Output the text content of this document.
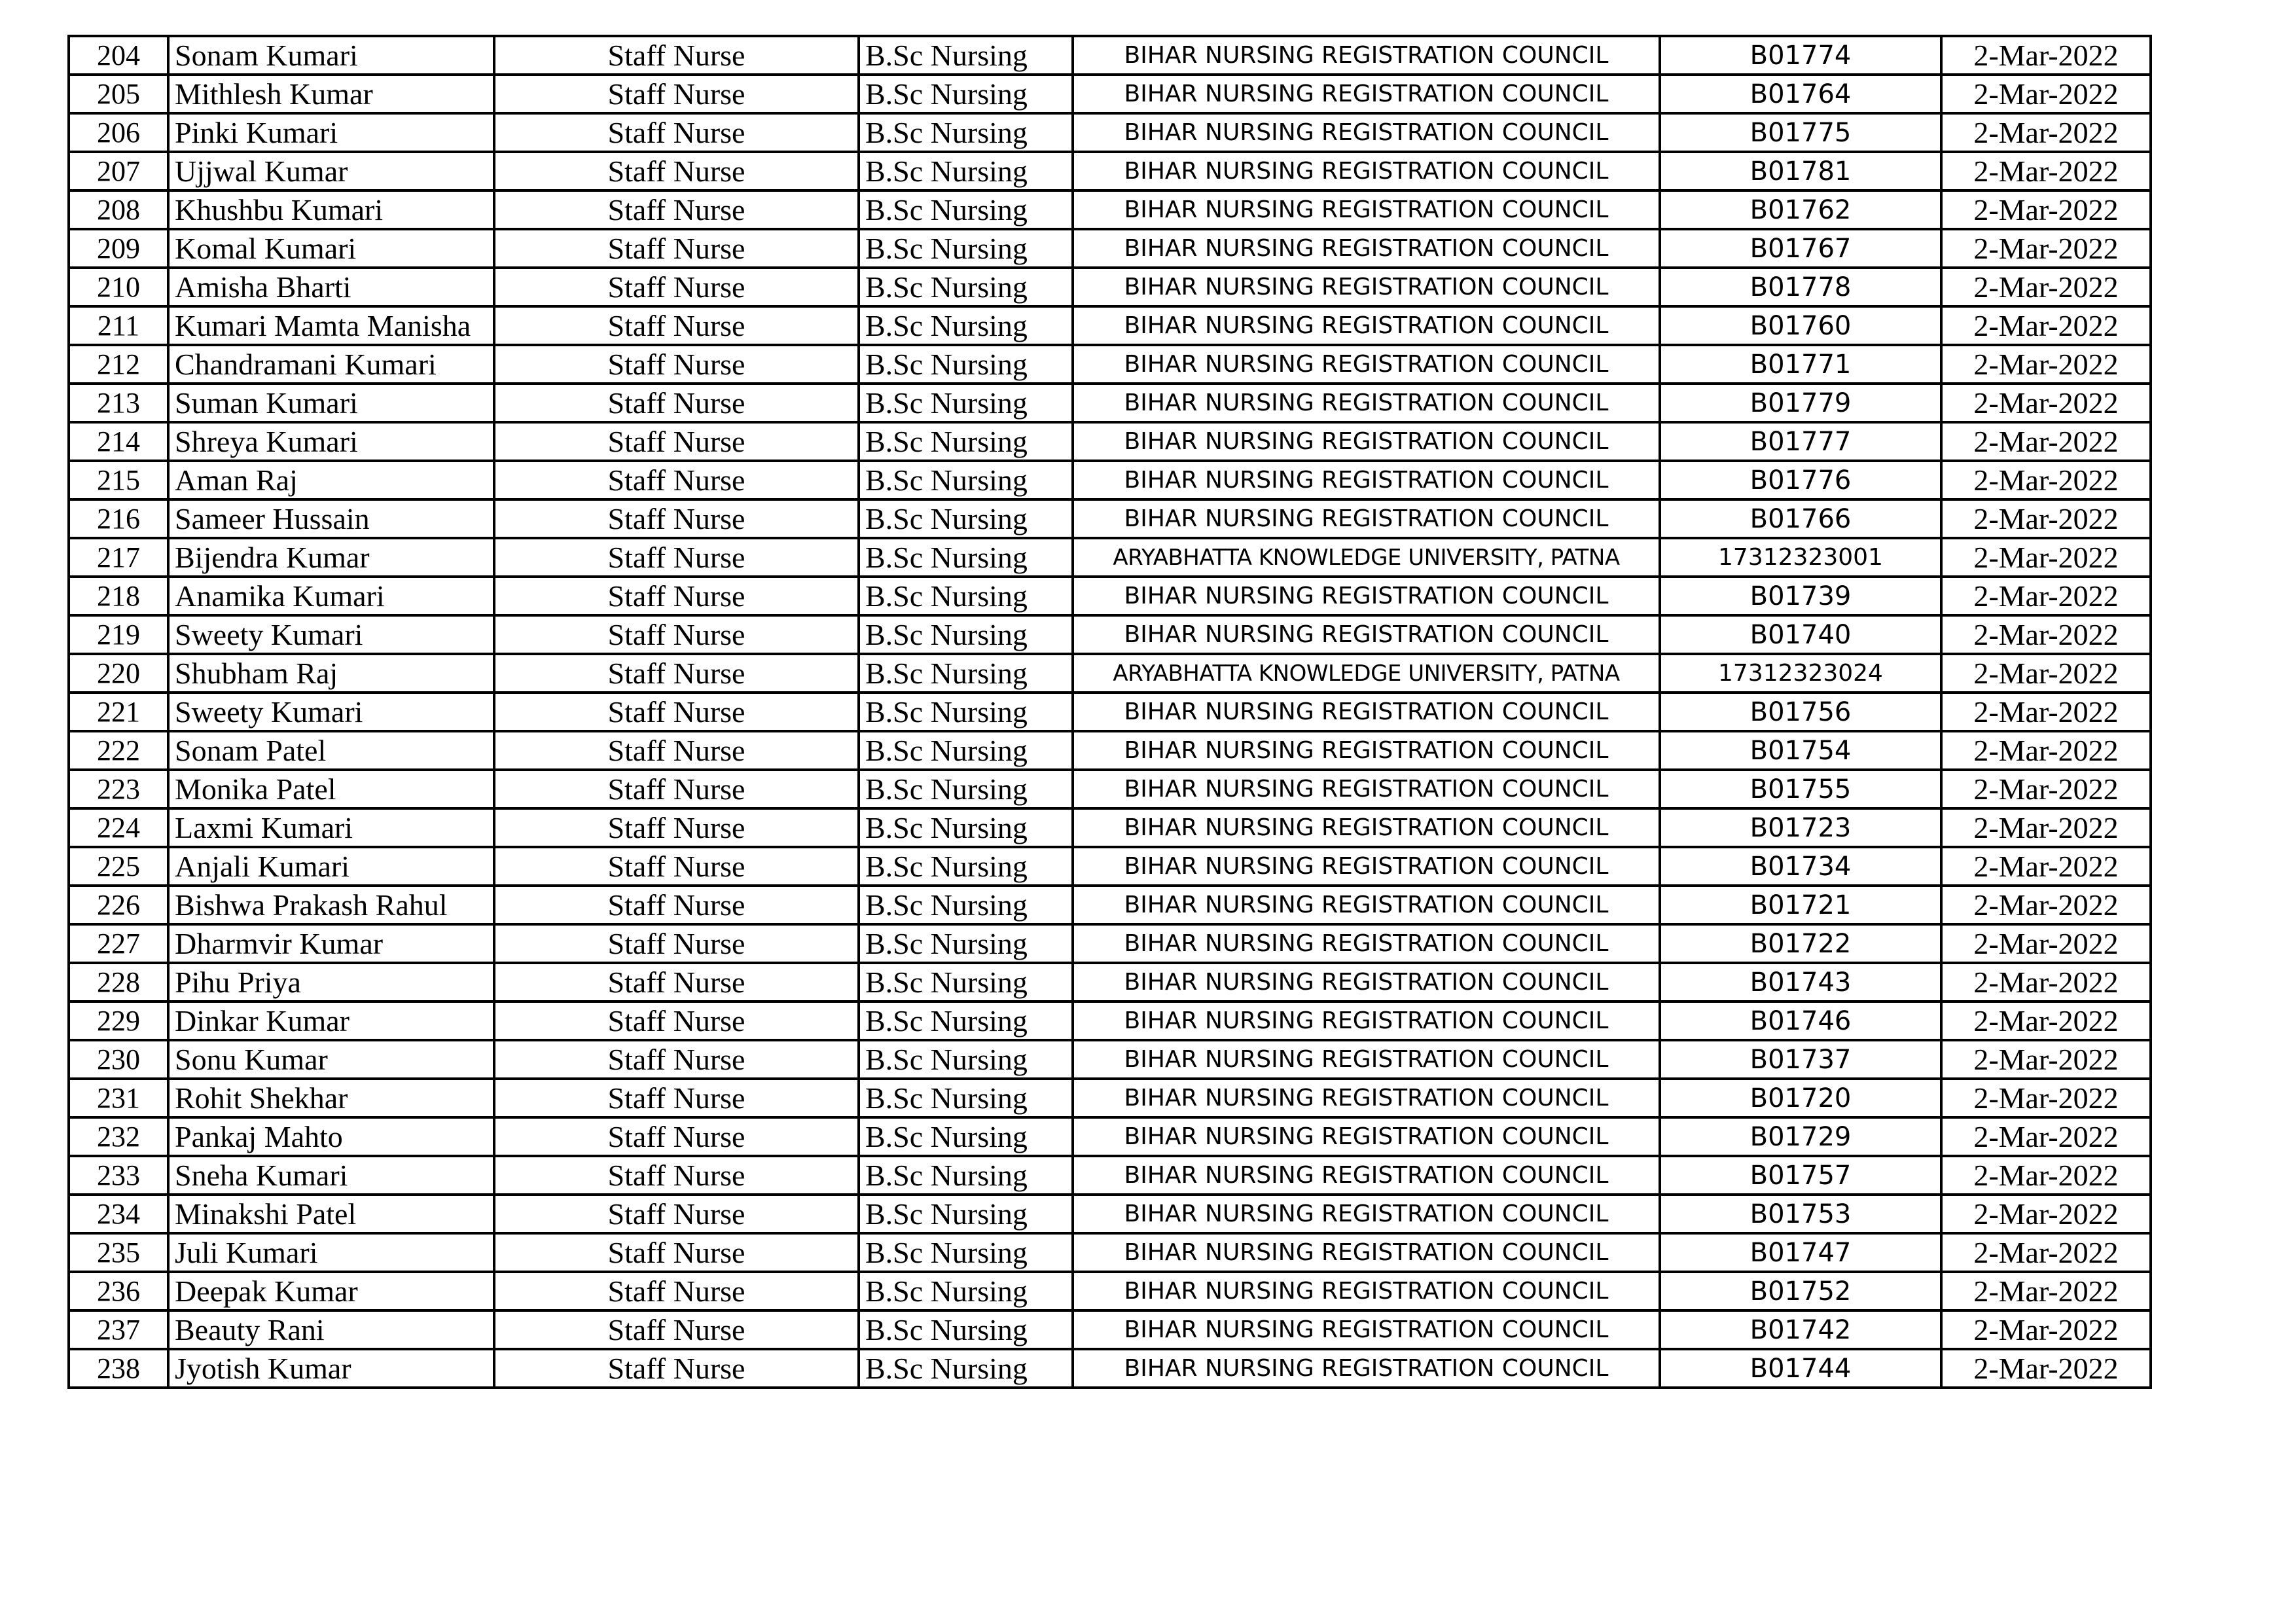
204	Sonam Kumari	Staff Nurse	B.Sc Nursing	BIHAR NURSING REGISTRATION COUNCIL	B01774	2-Mar-2022
205	Mithlesh Kumar	Staff Nurse	B.Sc Nursing	BIHAR NURSING REGISTRATION COUNCIL	B01764	2-Mar-2022
206	Pinki Kumari	Staff Nurse	B.Sc Nursing	BIHAR NURSING REGISTRATION COUNCIL	B01775	2-Mar-2022
207	Ujjwal Kumar	Staff Nurse	B.Sc Nursing	BIHAR NURSING REGISTRATION COUNCIL	B01781	2-Mar-2022
208	Khushbu Kumari	Staff Nurse	B.Sc Nursing	BIHAR NURSING REGISTRATION COUNCIL	B01762	2-Mar-2022
209	Komal Kumari	Staff Nurse	B.Sc Nursing	BIHAR NURSING REGISTRATION COUNCIL	B01767	2-Mar-2022
210	Amisha Bharti	Staff Nurse	B.Sc Nursing	BIHAR NURSING REGISTRATION COUNCIL	B01778	2-Mar-2022
211	Kumari Mamta Manisha	Staff Nurse	B.Sc Nursing	BIHAR NURSING REGISTRATION COUNCIL	B01760	2-Mar-2022
212	Chandramani Kumari	Staff Nurse	B.Sc Nursing	BIHAR NURSING REGISTRATION COUNCIL	B01771	2-Mar-2022
213	Suman Kumari	Staff Nurse	B.Sc Nursing	BIHAR NURSING REGISTRATION COUNCIL	B01779	2-Mar-2022
214	Shreya Kumari	Staff Nurse	B.Sc Nursing	BIHAR NURSING REGISTRATION COUNCIL	B01777	2-Mar-2022
215	Aman Raj	Staff Nurse	B.Sc Nursing	BIHAR NURSING REGISTRATION COUNCIL	B01776	2-Mar-2022
216	Sameer Hussain	Staff Nurse	B.Sc Nursing	BIHAR NURSING REGISTRATION COUNCIL	B01766	2-Mar-2022
217	Bijendra Kumar	Staff Nurse	B.Sc Nursing	ARYABHATTA KNOWLEDGE UNIVERSITY, PATNA	17312323001	2-Mar-2022
218	Anamika Kumari	Staff Nurse	B.Sc Nursing	BIHAR NURSING REGISTRATION COUNCIL	B01739	2-Mar-2022
219	Sweety Kumari	Staff Nurse	B.Sc Nursing	BIHAR NURSING REGISTRATION COUNCIL	B01740	2-Mar-2022
220	Shubham Raj	Staff Nurse	B.Sc Nursing	ARYABHATTA KNOWLEDGE UNIVERSITY, PATNA	17312323024	2-Mar-2022
221	Sweety Kumari	Staff Nurse	B.Sc Nursing	BIHAR NURSING REGISTRATION COUNCIL	B01756	2-Mar-2022
222	Sonam Patel	Staff Nurse	B.Sc Nursing	BIHAR NURSING REGISTRATION COUNCIL	B01754	2-Mar-2022
223	Monika Patel	Staff Nurse	B.Sc Nursing	BIHAR NURSING REGISTRATION COUNCIL	B01755	2-Mar-2022
224	Laxmi Kumari	Staff Nurse	B.Sc Nursing	BIHAR NURSING REGISTRATION COUNCIL	B01723	2-Mar-2022
225	Anjali Kumari	Staff Nurse	B.Sc Nursing	BIHAR NURSING REGISTRATION COUNCIL	B01734	2-Mar-2022
226	Bishwa Prakash Rahul	Staff Nurse	B.Sc Nursing	BIHAR NURSING REGISTRATION COUNCIL	B01721	2-Mar-2022
227	Dharmvir Kumar	Staff Nurse	B.Sc Nursing	BIHAR NURSING REGISTRATION COUNCIL	B01722	2-Mar-2022
228	Pihu Priya	Staff Nurse	B.Sc Nursing	BIHAR NURSING REGISTRATION COUNCIL	B01743	2-Mar-2022
229	Dinkar Kumar	Staff Nurse	B.Sc Nursing	BIHAR NURSING REGISTRATION COUNCIL	B01746	2-Mar-2022
230	Sonu Kumar	Staff Nurse	B.Sc Nursing	BIHAR NURSING REGISTRATION COUNCIL	B01737	2-Mar-2022
231	Rohit Shekhar	Staff Nurse	B.Sc Nursing	BIHAR NURSING REGISTRATION COUNCIL	B01720	2-Mar-2022
232	Pankaj Mahto	Staff Nurse	B.Sc Nursing	BIHAR NURSING REGISTRATION COUNCIL	B01729	2-Mar-2022
233	Sneha Kumari	Staff Nurse	B.Sc Nursing	BIHAR NURSING REGISTRATION COUNCIL	B01757	2-Mar-2022
234	Minakshi Patel	Staff Nurse	B.Sc Nursing	BIHAR NURSING REGISTRATION COUNCIL	B01753	2-Mar-2022
235	Juli Kumari	Staff Nurse	B.Sc Nursing	BIHAR NURSING REGISTRATION COUNCIL	B01747	2-Mar-2022
236	Deepak Kumar	Staff Nurse	B.Sc Nursing	BIHAR NURSING REGISTRATION COUNCIL	B01752	2-Mar-2022
237	Beauty Rani	Staff Nurse	B.Sc Nursing	BIHAR NURSING REGISTRATION COUNCIL	B01742	2-Mar-2022
238	Jyotish Kumar	Staff Nurse	B.Sc Nursing	BIHAR NURSING REGISTRATION COUNCIL	B01744	2-Mar-2022
